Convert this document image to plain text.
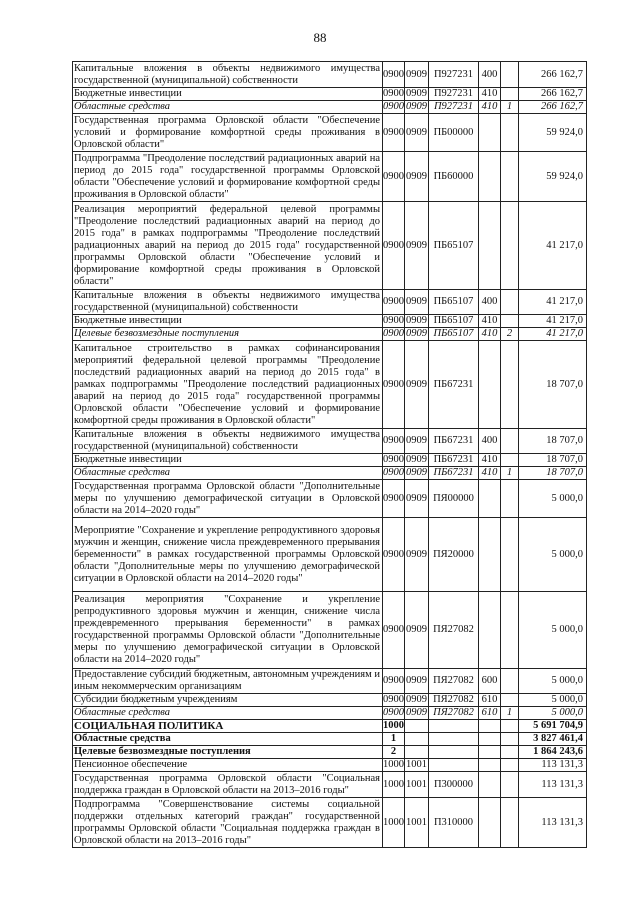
88
Капитальные вложения в объекты недвижимого имущества государственной (муниципальной) собственности	0900	0909	П927231	400		266 162,7
Бюджетные инвестиции	0900	0909	П927231	410		266 162,7
Областные средства	0900	0909	П927231	410	1	266 162,7
Государственная программа Орловской области "Обеспечение условий и формирование комфортной среды проживания в Орловской области"	0900	0909	ПБ00000			59 924,0
Подпрограмма "Преодоление последствий радиационных аварий на период до 2015 года" государственной программы Орловской области "Обеспечение условий и формирование комфортной среды проживания в Орловской области"	0900	0909	ПБ60000			59 924,0
Реализация мероприятий федеральной целевой программы "Преодоление последствий радиационных аварий на период до 2015 года" в рамках подпрограммы "Преодоление последствий радиационных аварий на период до 2015 года" государственной программы Орловской области "Обеспечение условий и формирование комфортной среды проживания в Орловской области"	0900	0909	ПБ65107			41 217,0
Капитальные вложения в объекты недвижимого имущества государственной (муниципальной) собственности	0900	0909	ПБ65107	400		41 217,0
Бюджетные инвестиции	0900	0909	ПБ65107	410		41 217,0
Целевые безвозмездные поступления	0900	0909	ПБ65107	410	2	41 217,0
Капитальное строительство в рамках софинансирования мероприятий федеральной целевой программы "Преодоление последствий радиационных аварий на период до 2015 года" в рамках подпрограммы "Преодоление последствий радиационных аварий на период до 2015 года" государственной программы Орловской области "Обеспечение условий и формирование комфортной среды проживания в Орловской области"	0900	0909	ПБ67231			18 707,0
Капитальные вложения в объекты недвижимого имущества государственной (муниципальной) собственности	0900	0909	ПБ67231	400		18 707,0
Бюджетные инвестиции	0900	0909	ПБ67231	410		18 707,0
Областные средства	0900	0909	ПБ67231	410	1	18 707,0
Государственная программа Орловской области "Дополнительные меры по улучшению демографической ситуации в Орловской области на 2014–2020 годы"	0900	0909	ПЯ00000			5 000,0
Мероприятие "Сохранение и укрепление репродуктивного здоровья мужчин и женщин, снижение числа преждевременного прерывания беременности" в рамках государственной программы Орловской области "Дополнительные меры по улучшению демографической ситуации в Орловской области на 2014–2020 годы"	0900	0909	ПЯ20000			5 000,0
Реализация мероприятия "Сохранение и укрепление репродуктивного здоровья мужчин и женщин, снижение числа преждевременного прерывания беременности" в рамках государственной программы Орловской области "Дополнительные меры по улучшению демографической ситуации в Орловской области на 2014–2020 годы"	0900	0909	ПЯ27082			5 000,0
Предоставление субсидий бюджетным, автономным учреждениям и иным некоммерческим организациям	0900	0909	ПЯ27082	600		5 000,0
Субсидии бюджетным учреждениям	0900	0909	ПЯ27082	610		5 000,0
Областные средства	0900	0909	ПЯ27082	610	1	5 000,0
СОЦИАЛЬНАЯ ПОЛИТИКА	1000					5 691 704,9
Областные средства	1					3 827 461,4
Целевые безвозмездные поступления	2					1 864 243,6
Пенсионное обеспечение	1000	1001				113 131,3
Государственная программа Орловской области "Социальная поддержка граждан в Орловской области на 2013–2016 годы"	1000	1001	П300000			113 131,3
Подпрограмма "Совершенствование системы социальной поддержки отдельных категорий граждан" государственной программы Орловской области "Социальная поддержка граждан в Орловской области на 2013–2016 годы"	1000	1001	П310000			113 131,3
